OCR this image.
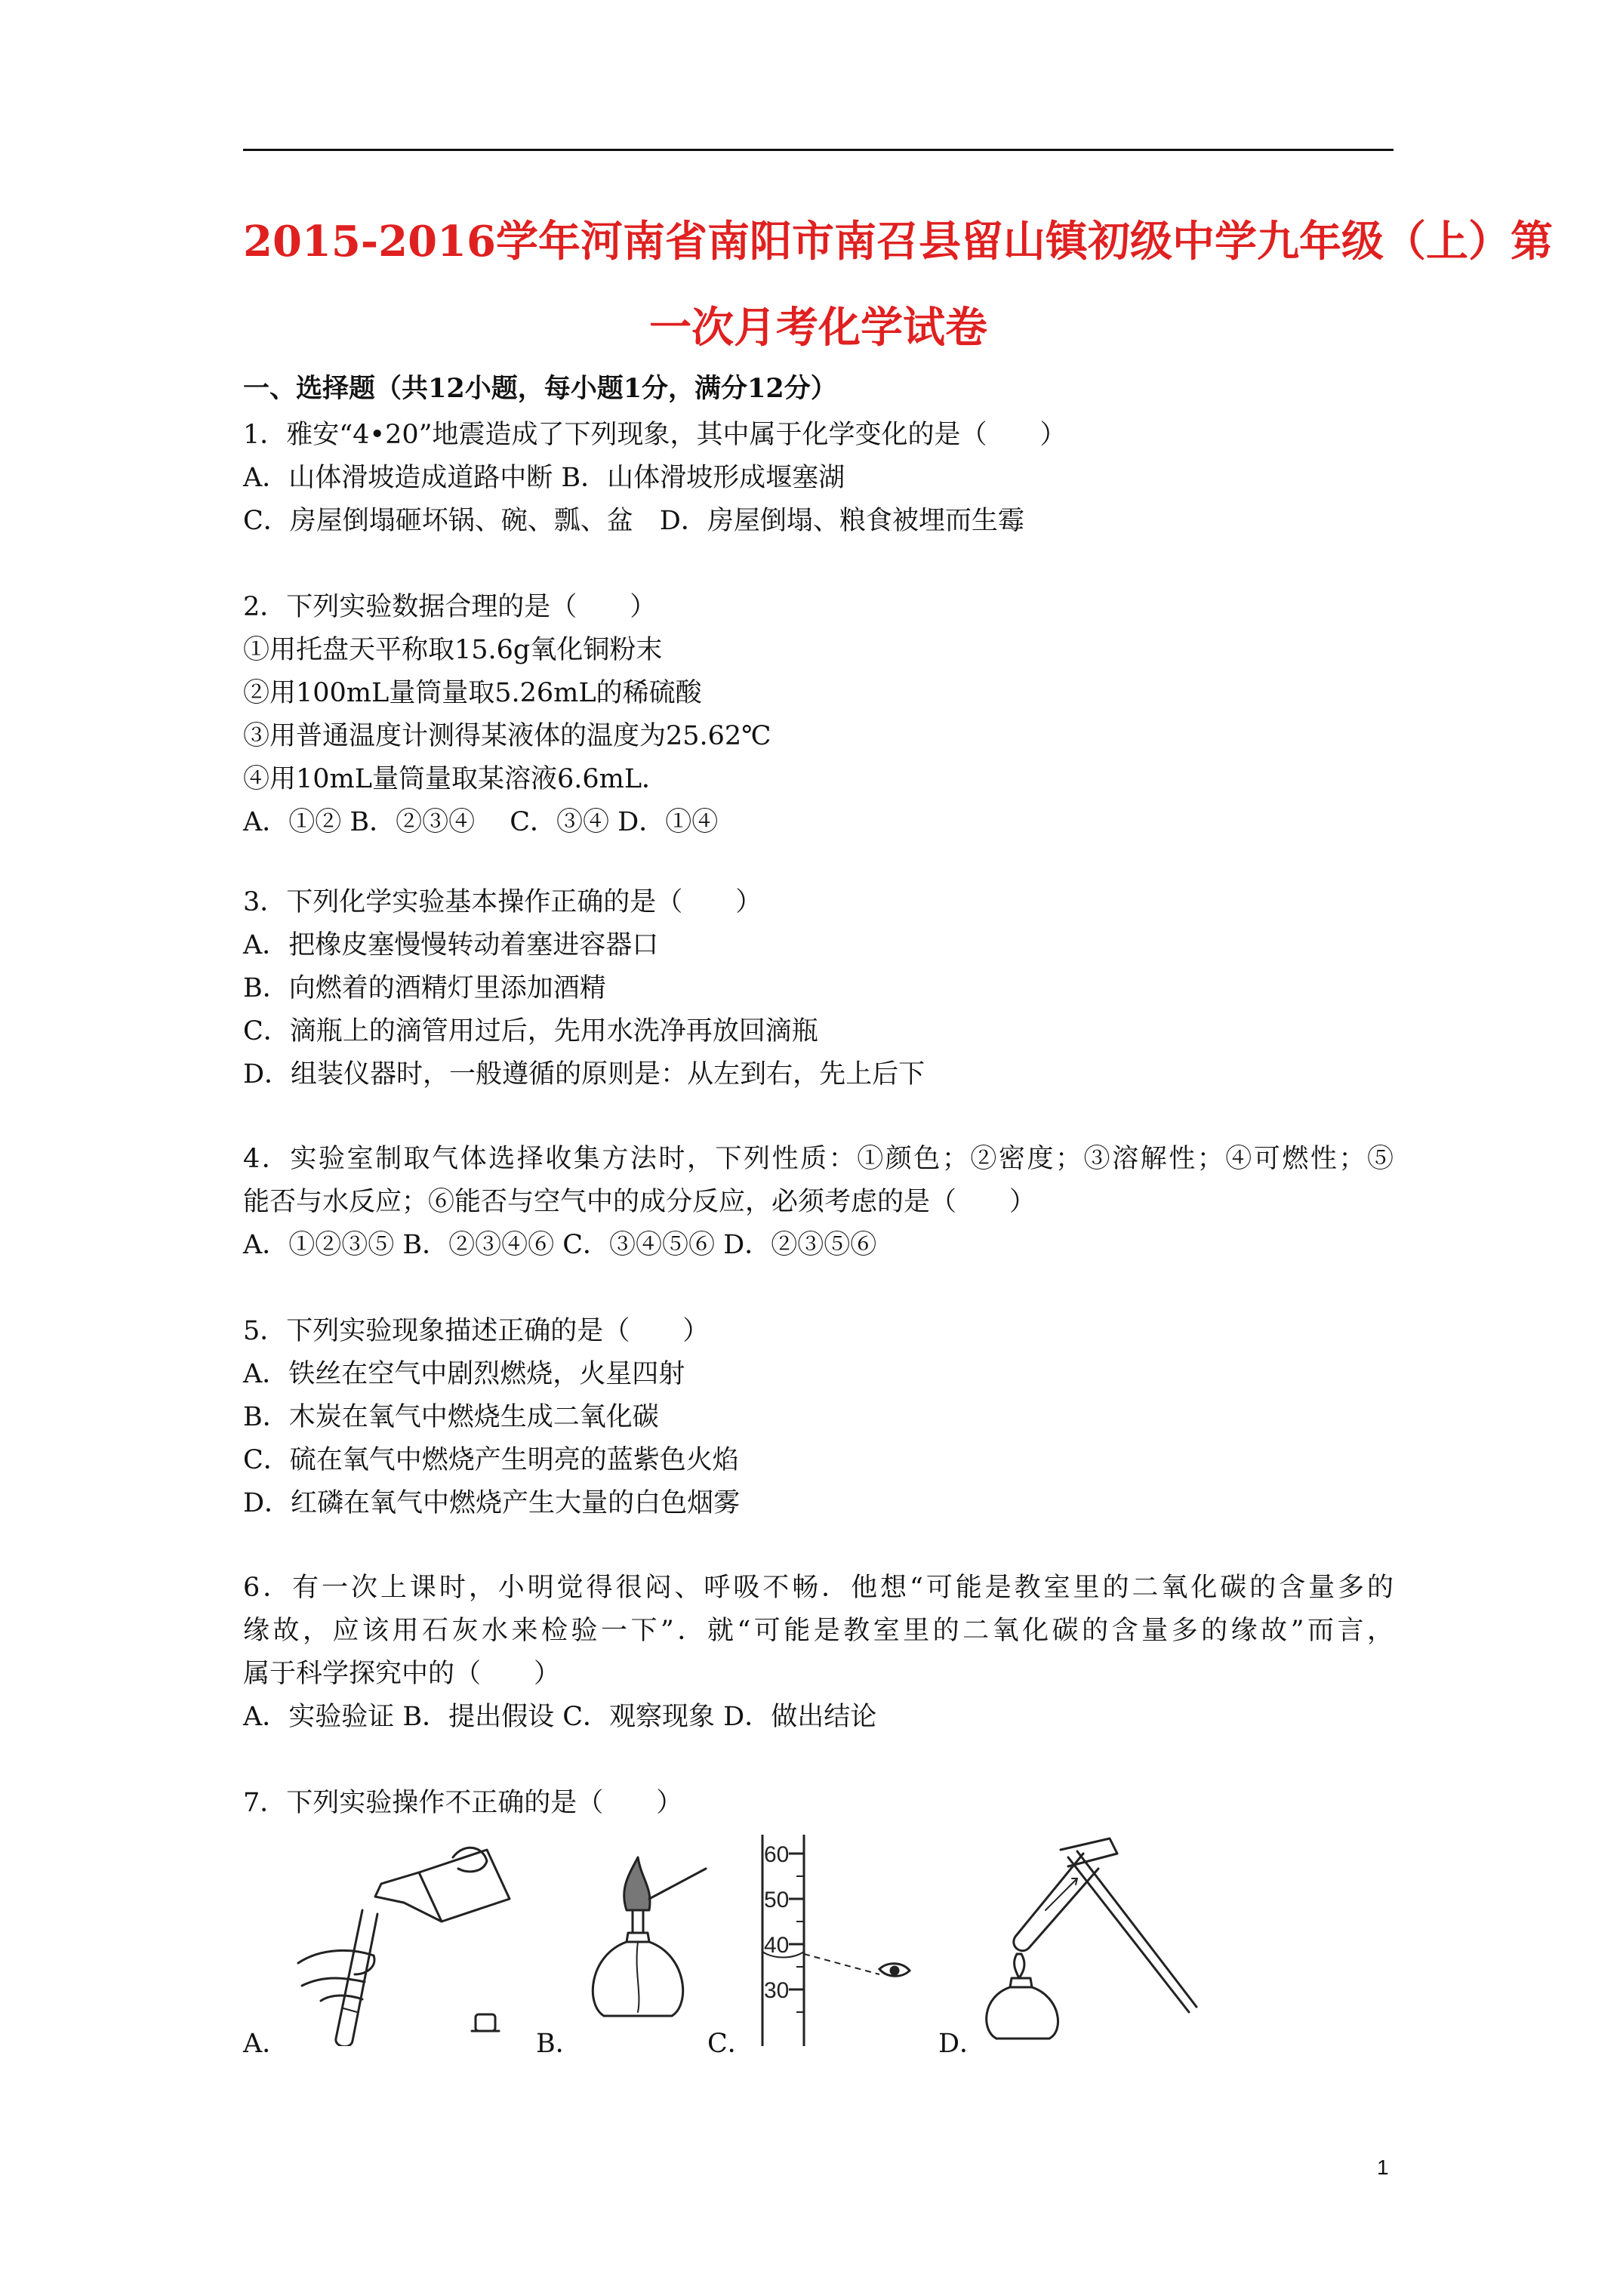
2015-2016学年河南省南阳市南召县留山镇初级中学九年级（上）第
一次月考化学试卷
一、选择题（共12小题，每小题1分，满分12分）
1．雅安“4•20”地震造成了下列现象，其中属于化学变化的是（　　）
A．山体滑坡造成道路中断 B．山体滑坡形成堰塞湖
C．房屋倒塌砸坏锅、碗、瓢、盆　D．房屋倒塌、粮食被埋而生霉
2．下列实验数据合理的是（　　）
①用托盘天平称取15.6g氧化铜粉末
②用100mL量筒量取5.26mL的稀硫酸
③用普通温度计测得某液体的温度为25.62℃
④用10mL量筒量取某溶液6.6mL．
A．①② B．②③④　 C．③④ D．①④
3．下列化学实验基本操作正确的是（　　）
A．把橡皮塞慢慢转动着塞进容器口
B．向燃着的酒精灯里添加酒精
C．滴瓶上的滴管用过后，先用水洗净再放回滴瓶
D．组装仪器时，一般遵循的原则是：从左到右，先上后下
4．实验室制取气体选择收集方法时，下列性质：①颜色；②密度；③溶解性；④可燃性；⑤
能否与水反应；⑥能否与空气中的成分反应，必须考虑的是（　　）
A．①②③⑤ B．②③④⑥ C．③④⑤⑥ D．②③⑤⑥
5．下列实验现象描述正确的是（　　）
A．铁丝在空气中剧烈燃烧，火星四射
B．木炭在氧气中燃烧生成二氧化碳
C．硫在氧气中燃烧产生明亮的蓝紫色火焰
D．红磷在氧气中燃烧产生大量的白色烟雾
6．有一次上课时，小明觉得很闷、呼吸不畅．他想“可能是教室里的二氧化碳的含量多的
缘故，应该用石灰水来检验一下”．就“可能是教室里的二氧化碳的含量多的缘故”而言，
属于科学探究中的（　　）
A．实验验证 B．提出假设 C．观察现象 D．做出结论
7．下列实验操作不正确的是（　　）
60
50
40
30
A．	B．	C．	D．
1
